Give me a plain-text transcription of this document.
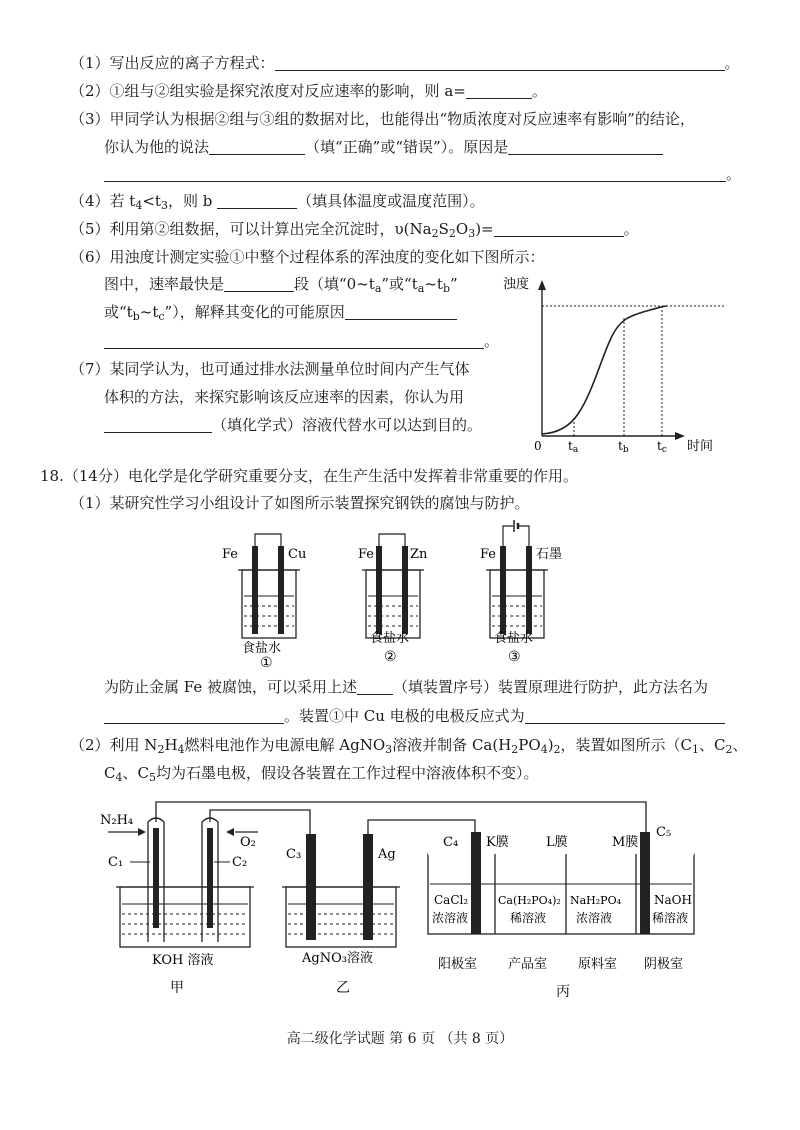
（1）写出反应的离子方程式：	。
（2）①组与②组实验是探究浓度对反应速率的影响，则 a=	。
（3）甲同学认为根据②组与③组的数据对比，也能得出“物质浓度对反应速率有影响”的结论，
你认为他的说法	（填“正确”或“错误”）。原因是
。
（4）若 $t_4<t_3$，则 b	（填具体温度或温度范围）。
（5）利用第②组数据，可以计算出完全沉淀时，$\upsilon(Na_2S_2O_3)=$	。
（6）用浊度计测定实验①中整个过程体系的浑浊度的变化如下图所示：
图中，速率最快是	段（填“$0\sim t_a$”或“$t_a\sim t_b$”
或“$t_b\sim t_c$”），解释其变化的可能原因
。
（7）某同学认为，也可通过排水法测量单位时间内产生气体
体积的方法，来探究影响该反应速率的因素，你认为用
（填化学式）溶液代替水可以达到目的。
浊度
时间
0 ta	tb tc
18.（14分）电化学是化学研究重要分支，在生产生活中发挥着非常重要的作用。
（1）某研究性学习小组设计了如图所示装置探究钢铁的腐蚀与防护。
Fe	Cu
食盐水
①
Fe	Zn
食盐水
②
Fe	石墨
食盐水
③
为防止金属 Fe 被腐蚀，可以采用上述 （填装置序号）装置原理进行防护，此方法名为
。装置①中 Cu 电极的电极反应式为
（2）利用 $N_2H_4$燃料电池作为电源电解 AgNO$_3$溶液并制备 $Ca(H_2PO_4)_2$，装置如图所示（$C_1$、$C_2$、
$C_4$、$C_5$均为石墨电极，假设各装置在工作过程中溶液体积不变）。
N₂H₄
O₂
C₁	C₂
KOH 溶液
甲
C₃	Ag
AgNO₃溶液
乙
C₄ K膜	L膜	M膜
C₅
CaCl₂
浓溶液
Ca(H₂PO₄)₂
稀溶液
NaH₂PO₄
浓溶液
NaOH
稀溶液
阳极室 产品室 原料室 阴极室
丙
高二级化学试题 第 6 页 （共 8 页）
